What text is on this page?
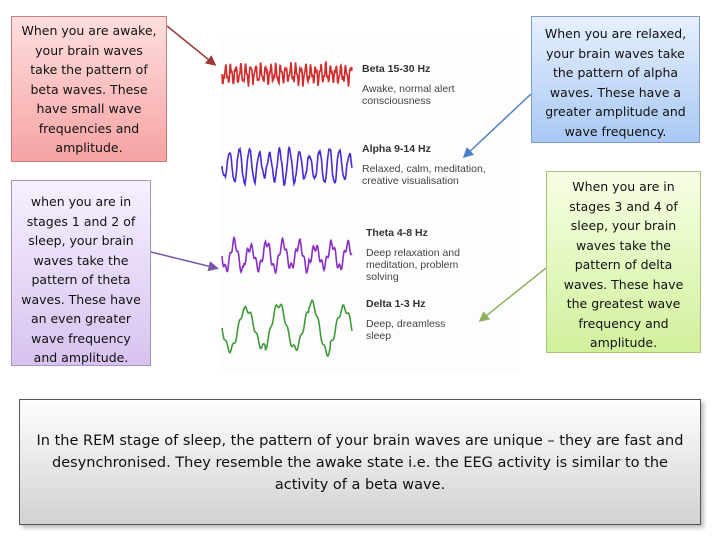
Beta 15-30 Hz
Awake, normal alert
consciousness
Alpha 9-14 Hz
Relaxed, calm, meditation,
creative visualisation
Theta 4-8 Hz
Deep relaxation and
meditation, problem
solving
Delta 1-3 Hz
Deep, dreamless
sleep
When you are awake,
your brain waves
take the pattern of
beta waves. These
have small wave
frequencies and
amplitude.
when you are in
stages 1 and 2 of
sleep, your brain
waves take the
pattern of theta
waves. These have
an even greater
wave frequency
and amplitude.
When you are relaxed,
your brain waves take
the pattern of alpha
waves. These have a
greater amplitude and
wave frequency.
When you are in
stages 3 and 4 of
sleep, your brain
waves take the
pattern of delta
waves. These have
the greatest wave
frequency and
amplitude.
In the REM stage of sleep, the pattern of your brain waves are unique – they are fast and desynchronised. They resemble the awake state i.e. the EEG activity is similar to the activity of a beta wave.
